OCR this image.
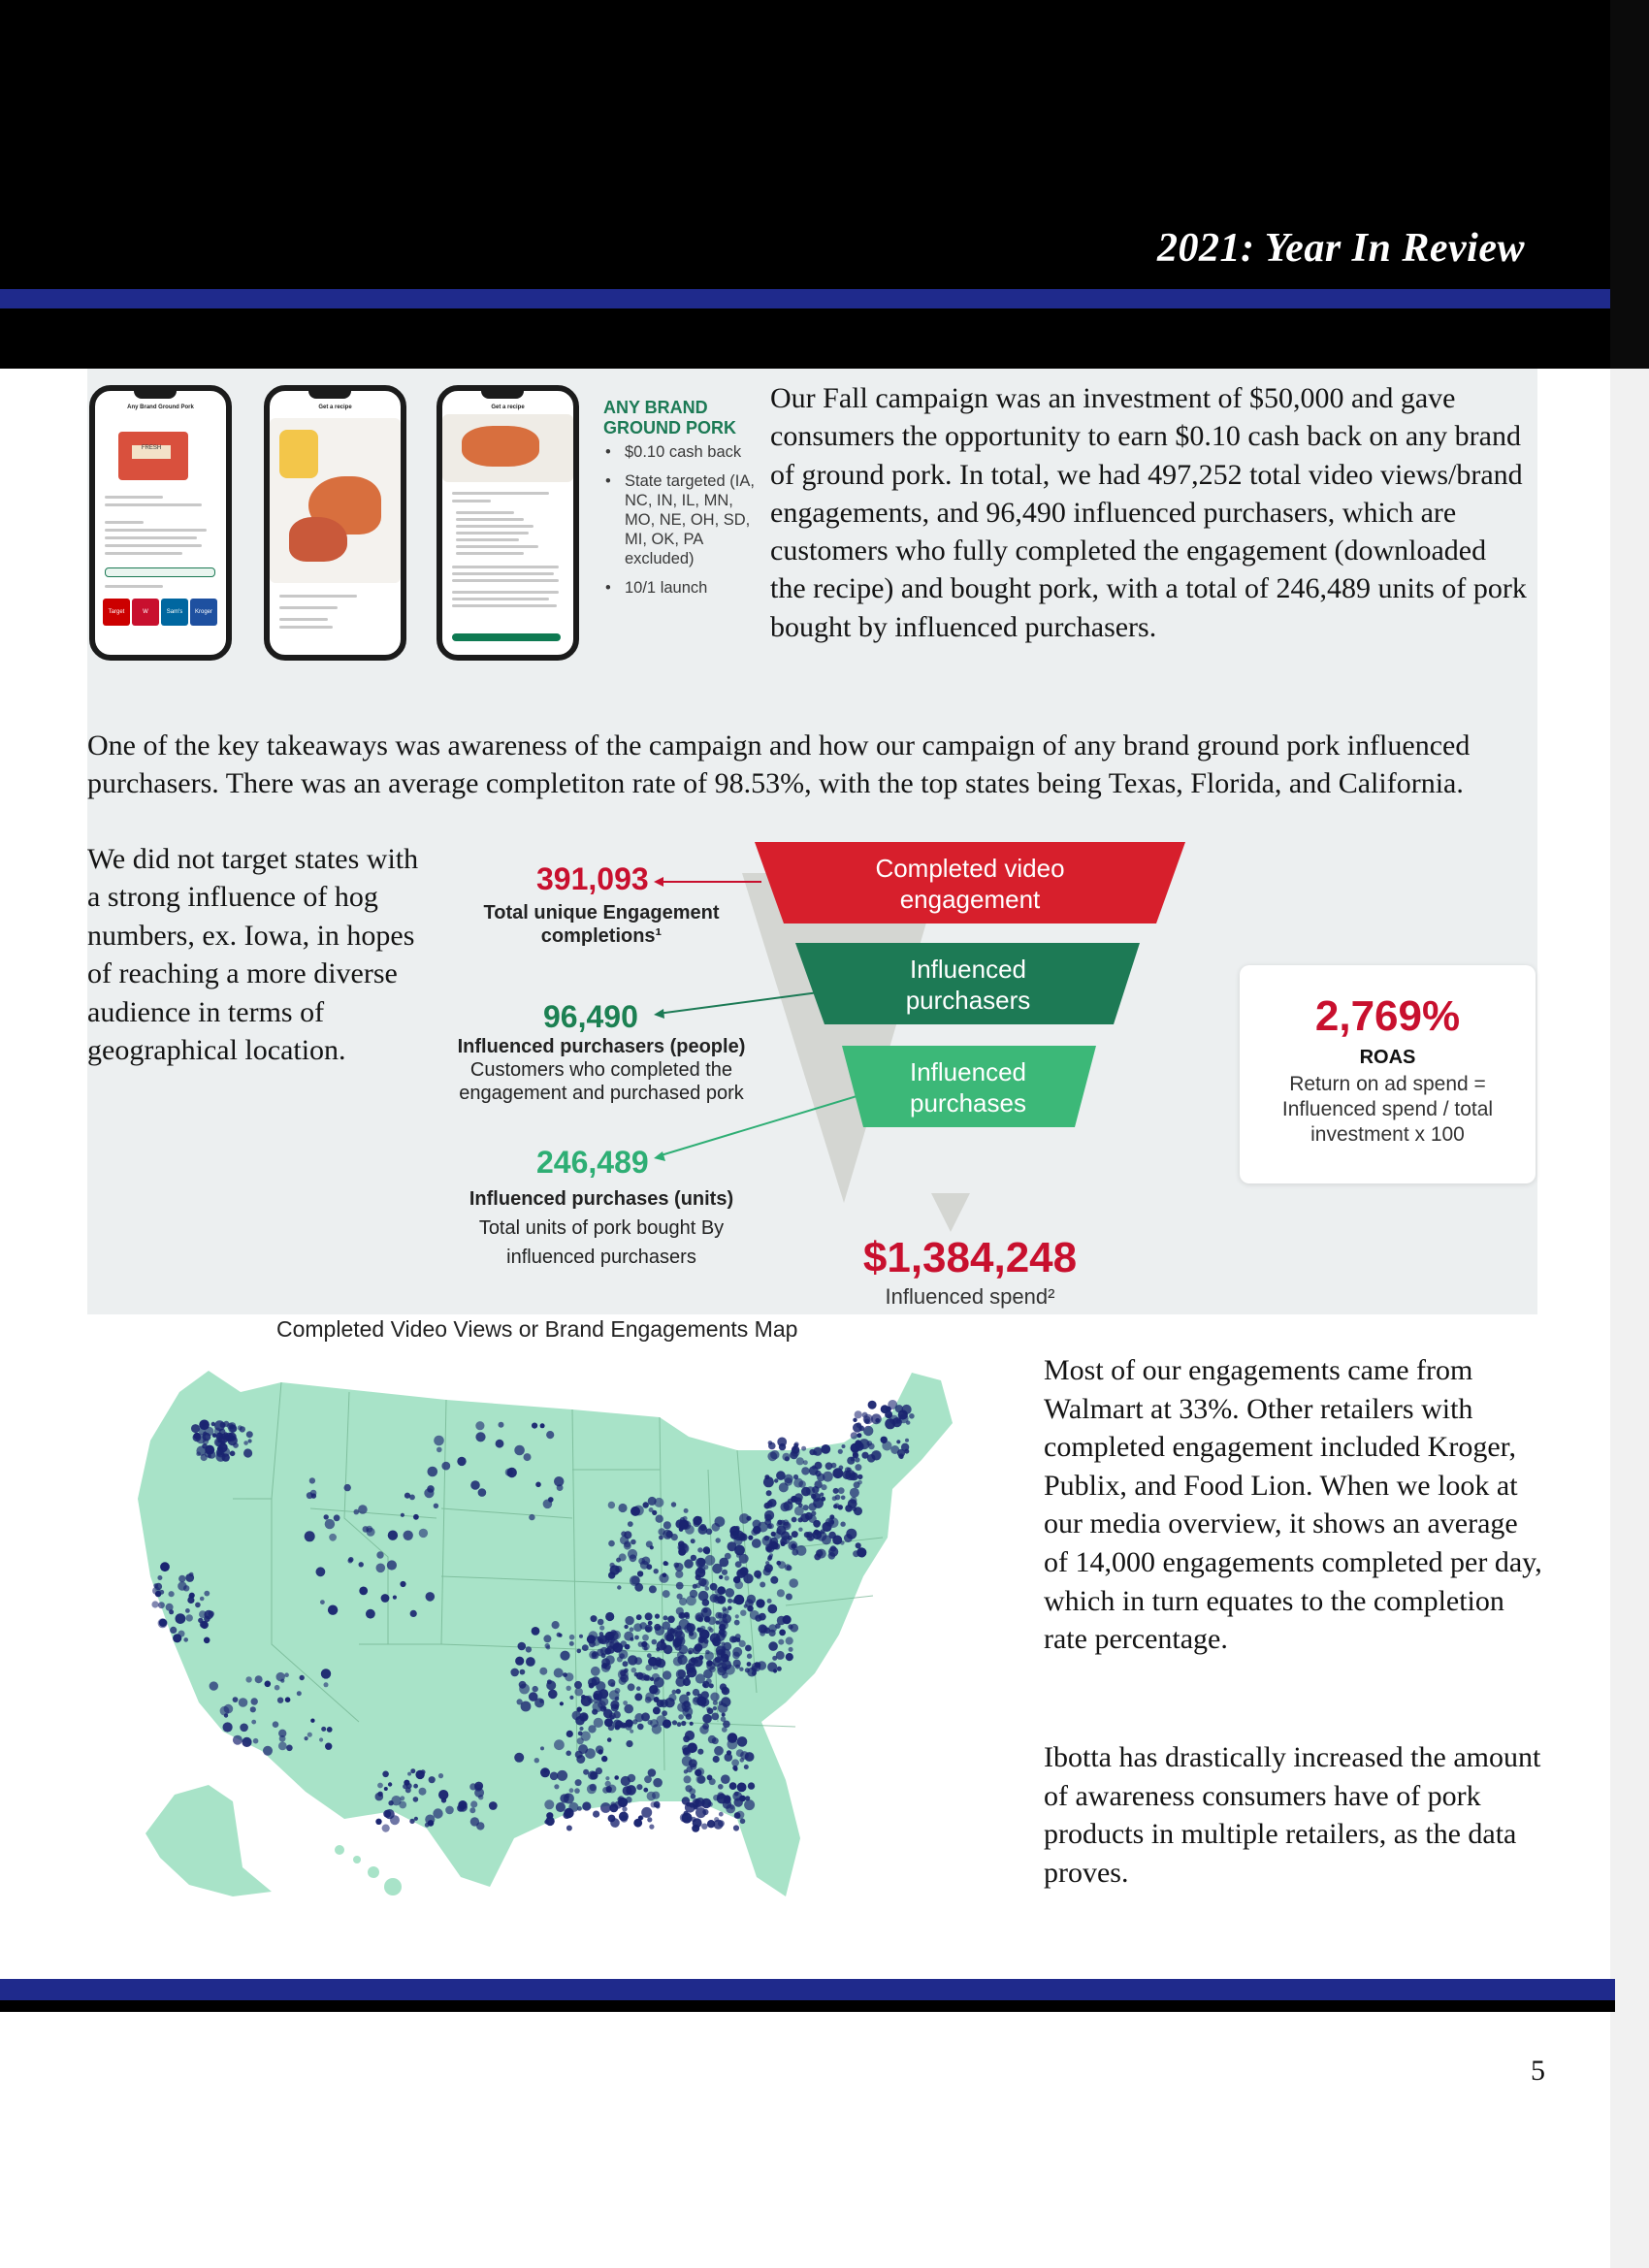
2021: Year In Review
Any Brand Ground Pork
FRESH
Target	W	Sam's	Kroger
Get a recipe	Get a recipe	ANY BRAND
GROUND PORK
• $0.10 cash back
• State targeted (IA, NC, IN, IL, MN, MO, NE, OH, SD, MI, OK, PA excluded)
• 10/1 launch
Our Fall campaign was an investment of $50,000 and gave consumers the opportunity to earn $0.10 cash back on any brand of ground pork. In total, we had 497,252 total video views/brand engagements, and 96,490 influenced purchasers, which are customers who fully completed the engagement (downloaded the recipe) and bought pork, with a total of 246,489 units of pork bought by influenced purchasers.
One of the key takeaways was awareness of the campaign and how our campaign of any brand ground pork influenced purchasers. There was an average completiton rate of 98.53%, with the top states being Texas, Florida, and California.
We did not target states with a strong influence of hog numbers, ex. Iowa, in hopes of reaching a more diverse audience in terms of geographical location.
391,093
Total unique Engagement completions¹
96,490
Influenced purchasers (people)
Customers who completed the engagement and purchased pork
246,489
Influenced purchases (units)
Total units of pork bought By influenced purchasers
Completed video
engagement
Influenced
purchasers
Influenced
purchases
$1,384,248
Influenced spend²
2,769%
ROAS
Return on ad spend = Influenced spend / total investment x 100
Completed Video Views or Brand Engagements Map
Most of our engagements came from Walmart at 33%. Other retailers with completed engagement included Kroger, Publix, and Food Lion. When we look at our media overview, it shows an average of 14,000 engagements completed per day, which in turn equates to the completion rate percentage.
Ibotta has drastically increased the amount of awareness consumers have of pork products in multiple retailers, as the data proves.
5
